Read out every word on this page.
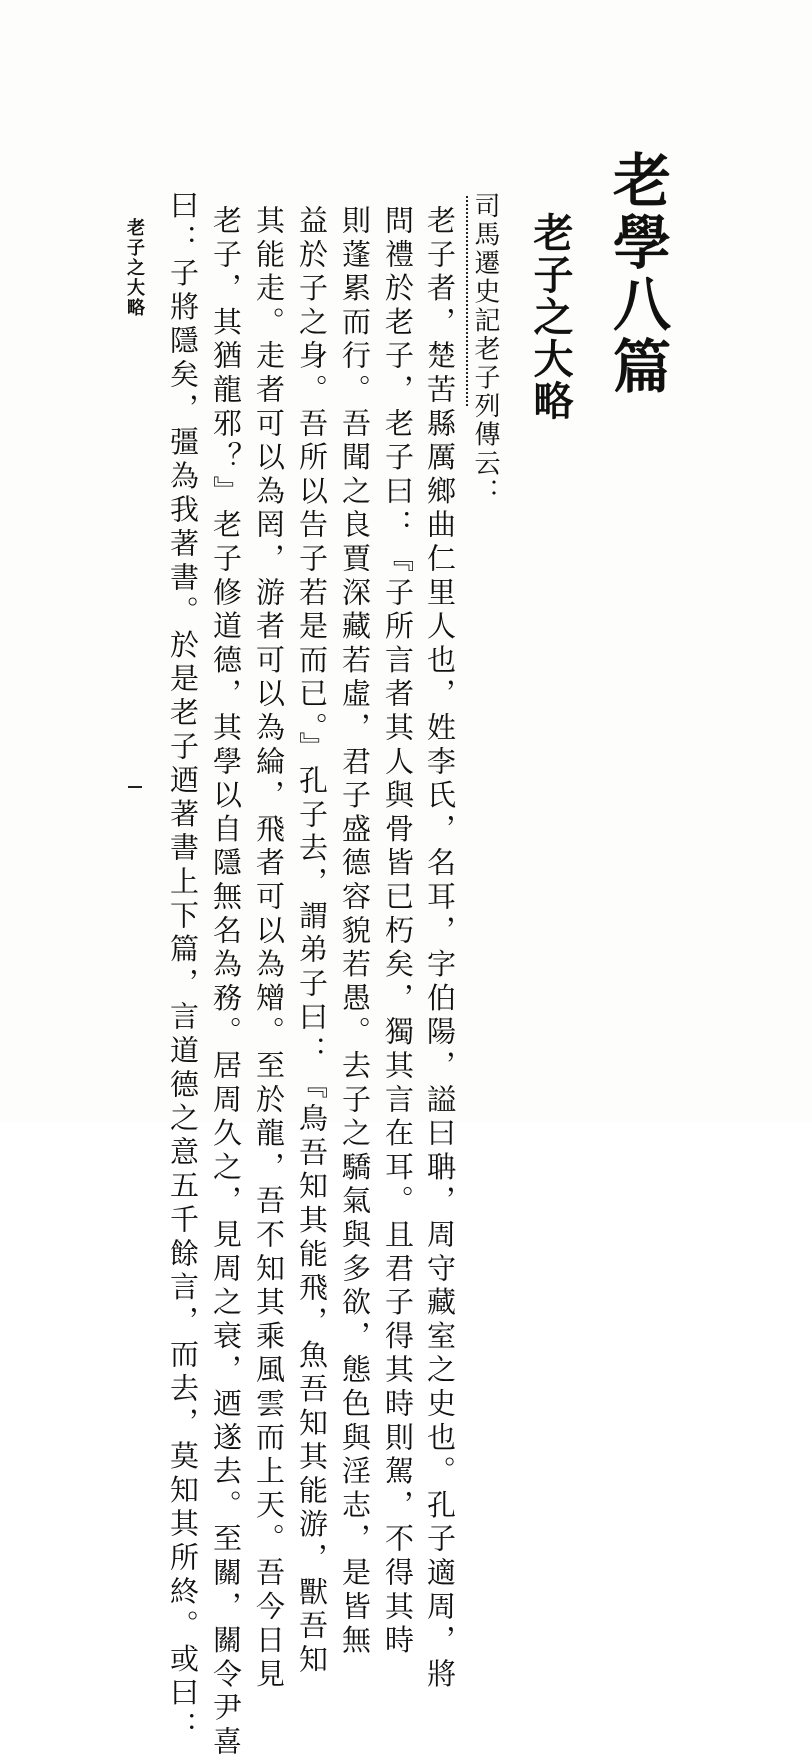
老學八篇
老子之大略
司馬遷史記老子列傳云：
老子者，楚苦縣厲鄉曲仁里人也，姓李氏，名耳，字伯陽，謚曰聃，周守藏室之史也。孔子適周，將
問禮於老子，老子曰：『子所言者其人與骨皆已朽矣，獨其言在耳。且君子得其時則駕，不得其時
則蓬累而行。吾聞之良賈深藏若虛，君子盛德容貌若愚。去子之驕氣與多欲，態色與淫志，是皆無
益於子之身。吾所以告子若是而已。』孔子去，謂弟子曰：『鳥吾知其能飛，魚吾知其能游，獸吾知
其能走。走者可以為罔，游者可以為綸，飛者可以為矰。至於龍，吾不知其乘風雲而上天。吾今日見
老子，其猶龍邪？』老子修道德，其學以自隱無名為務。居周久之，見周之衰，迺遂去。至關，關令尹喜
曰：子將隱矣，彊為我著書。於是老子迺著書上下篇，言道德之意五千餘言，而去，莫知其所終。或曰：
老子之大略
